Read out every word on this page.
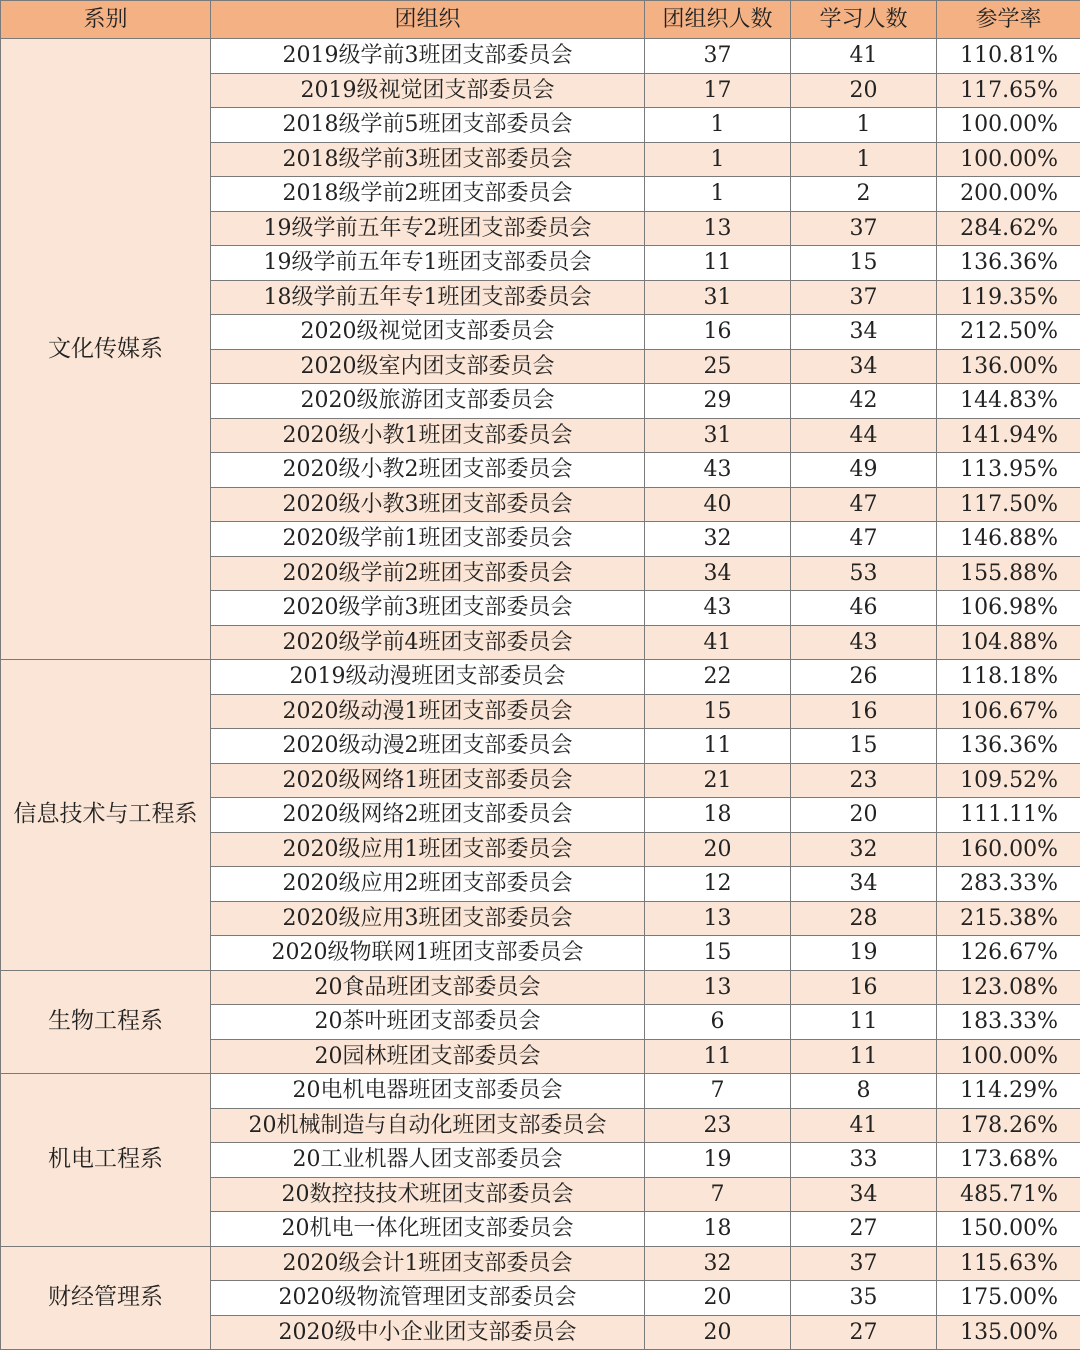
系别	团组织	团组织人数	学习人数	参学率
文化传媒系	2019级学前3班团支部委员会	37	41	110.81%
	2019级视觉团支部委员会	17	20	117.65%
	2018级学前5班团支部委员会	1	1	100.00%
	2018级学前3班团支部委员会	1	1	100.00%
	2018级学前2班团支部委员会	1	2	200.00%
	19级学前五年专2班团支部委员会	13	37	284.62%
	19级学前五年专1班团支部委员会	11	15	136.36%
	18级学前五年专1班团支部委员会	31	37	119.35%
	2020级视觉团支部委员会	16	34	212.50%
	2020级室内团支部委员会	25	34	136.00%
	2020级旅游团支部委员会	29	42	144.83%
	2020级小教1班团支部委员会	31	44	141.94%
	2020级小教2班团支部委员会	43	49	113.95%
	2020级小教3班团支部委员会	40	47	117.50%
	2020级学前1班团支部委员会	32	47	146.88%
	2020级学前2班团支部委员会	34	53	155.88%
	2020级学前3班团支部委员会	43	46	106.98%
	2020级学前4班团支部委员会	41	43	104.88%
信息技术与工程系	2019级动漫班团支部委员会	22	26	118.18%
	2020级动漫1班团支部委员会	15	16	106.67%
	2020级动漫2班团支部委员会	11	15	136.36%
	2020级网络1班团支部委员会	21	23	109.52%
	2020级网络2班团支部委员会	18	20	111.11%
	2020级应用1班团支部委员会	20	32	160.00%
	2020级应用2班团支部委员会	12	34	283.33%
	2020级应用3班团支部委员会	13	28	215.38%
	2020级物联网1班团支部委员会	15	19	126.67%
生物工程系	20食品班团支部委员会	13	16	123.08%
	20茶叶班团支部委员会	6	11	183.33%
	20园林班团支部委员会	11	11	100.00%
机电工程系	20电机电器班团支部委员会	7	8	114.29%
	20机械制造与自动化班团支部委员会	23	41	178.26%
	20工业机器人团支部委员会	19	33	173.68%
	20数控技技术班团支部委员会	7	34	485.71%
	20机电一体化班团支部委员会	18	27	150.00%
财经管理系	2020级会计1班团支部委员会	32	37	115.63%
	2020级物流管理团支部委员会	20	35	175.00%
	2020级中小企业团支部委员会	20	27	135.00%
